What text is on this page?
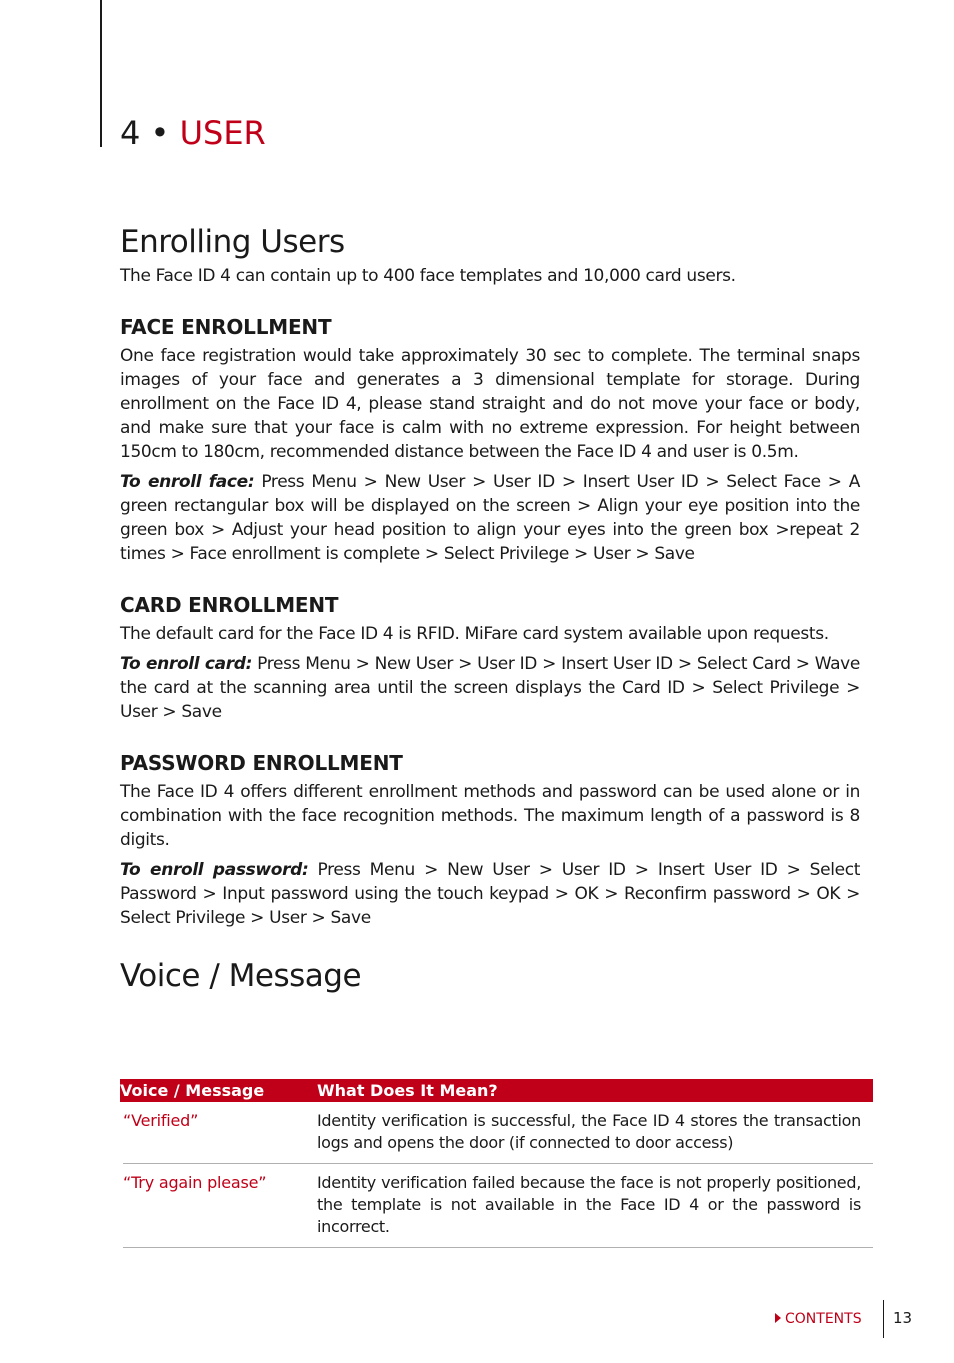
4 • USER
Enrolling Users

The Face ID 4 can contain up to 400 face templates and 10,000 card users.

FACE ENROLLMENT

One face registration would take approximately 30 sec to complete. The terminal snaps images of your face and generates a 3 dimensional template for storage. During enrollment on the Face ID 4, please stand straight and do not move your face or body, and make sure that your face is calm with no extreme expression. For height between 150cm to 180cm, recommended distance between the Face ID 4 and user is 0.5m.

To enroll face: Press Menu > New User > User ID > Insert User ID > Select Face > A green rectangular box will be displayed on the screen > Align your eye position into the green box > Adjust your head position to align your eyes into the green box >repeat 2 times > Face enrollment is complete > Select Privilege > User > Save

CARD ENROLLMENT

The default card for the Face ID 4 is RFID. MiFare card system available upon requests.

To enroll card: Press Menu > New User > User ID > Insert User ID > Select Card > Wave the card at the scanning area until the screen displays the Card ID > Select Privilege > User > Save

PASSWORD ENROLLMENT

The Face ID 4 offers different enrollment methods and password can be used alone or in combination with the face recognition methods. The maximum length of a password is 8 digits.

To enroll password: Press Menu > New User > User ID > Insert User ID > Select Password > Input password using the touch keypad > OK > Reconfirm password > OK > Select Privilege > User > Save

Voice / Message
Voice / Message	What Does It Mean?
“Verified”	Identity verification is successful, the Face ID 4 stores the transaction logs and opens the door (if connected to door access)
“Try again please”	Identity verification failed because the face is not properly positioned, the template is not available in the Face ID 4 or the password is incorrect.
CONTENTS 13
